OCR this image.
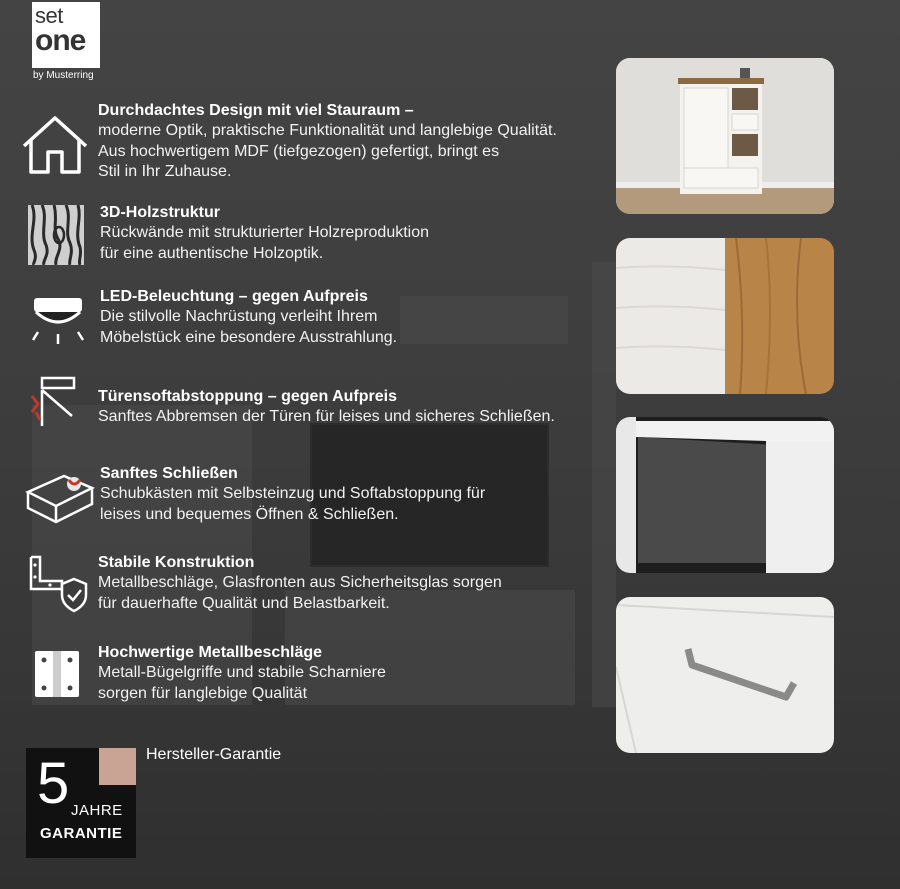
set
one
by Musterring
Durchdachtes Design mit viel Stauraum –
moderne Optik, praktische Funktionalität und langlebige Qualität.
Aus hochwertigem MDF (tiefgezogen) gefertigt, bringt es
Stil in Ihr Zuhause.
3D-Holzstruktur
Rückwände mit strukturierter Holzreproduktion
für eine authentische Holzoptik.
LED-Beleuchtung – gegen Aufpreis
Die stilvolle Nachrüstung verleiht Ihrem
Möbelstück eine besondere Ausstrahlung.
Türensoftabstoppung – gegen Aufpreis
Sanftes Abbremsen der Türen für leises und sicheres Schließen.
Sanftes Schließen
Schubkästen mit Selbsteinzug und Softabstoppung für
leises und bequemes Öffnen & Schließen.
Stabile Konstruktion
Metallbeschläge, Glasfronten aus Sicherheitsglas sorgen
für dauerhafte Qualität und Belastbarkeit.
Hochwertige Metallbeschläge
Metall-Bügelgriffe und stabile Scharniere
sorgen für langlebige Qualität
5 JAHRE
GARANTIE
Hersteller-Garantie
